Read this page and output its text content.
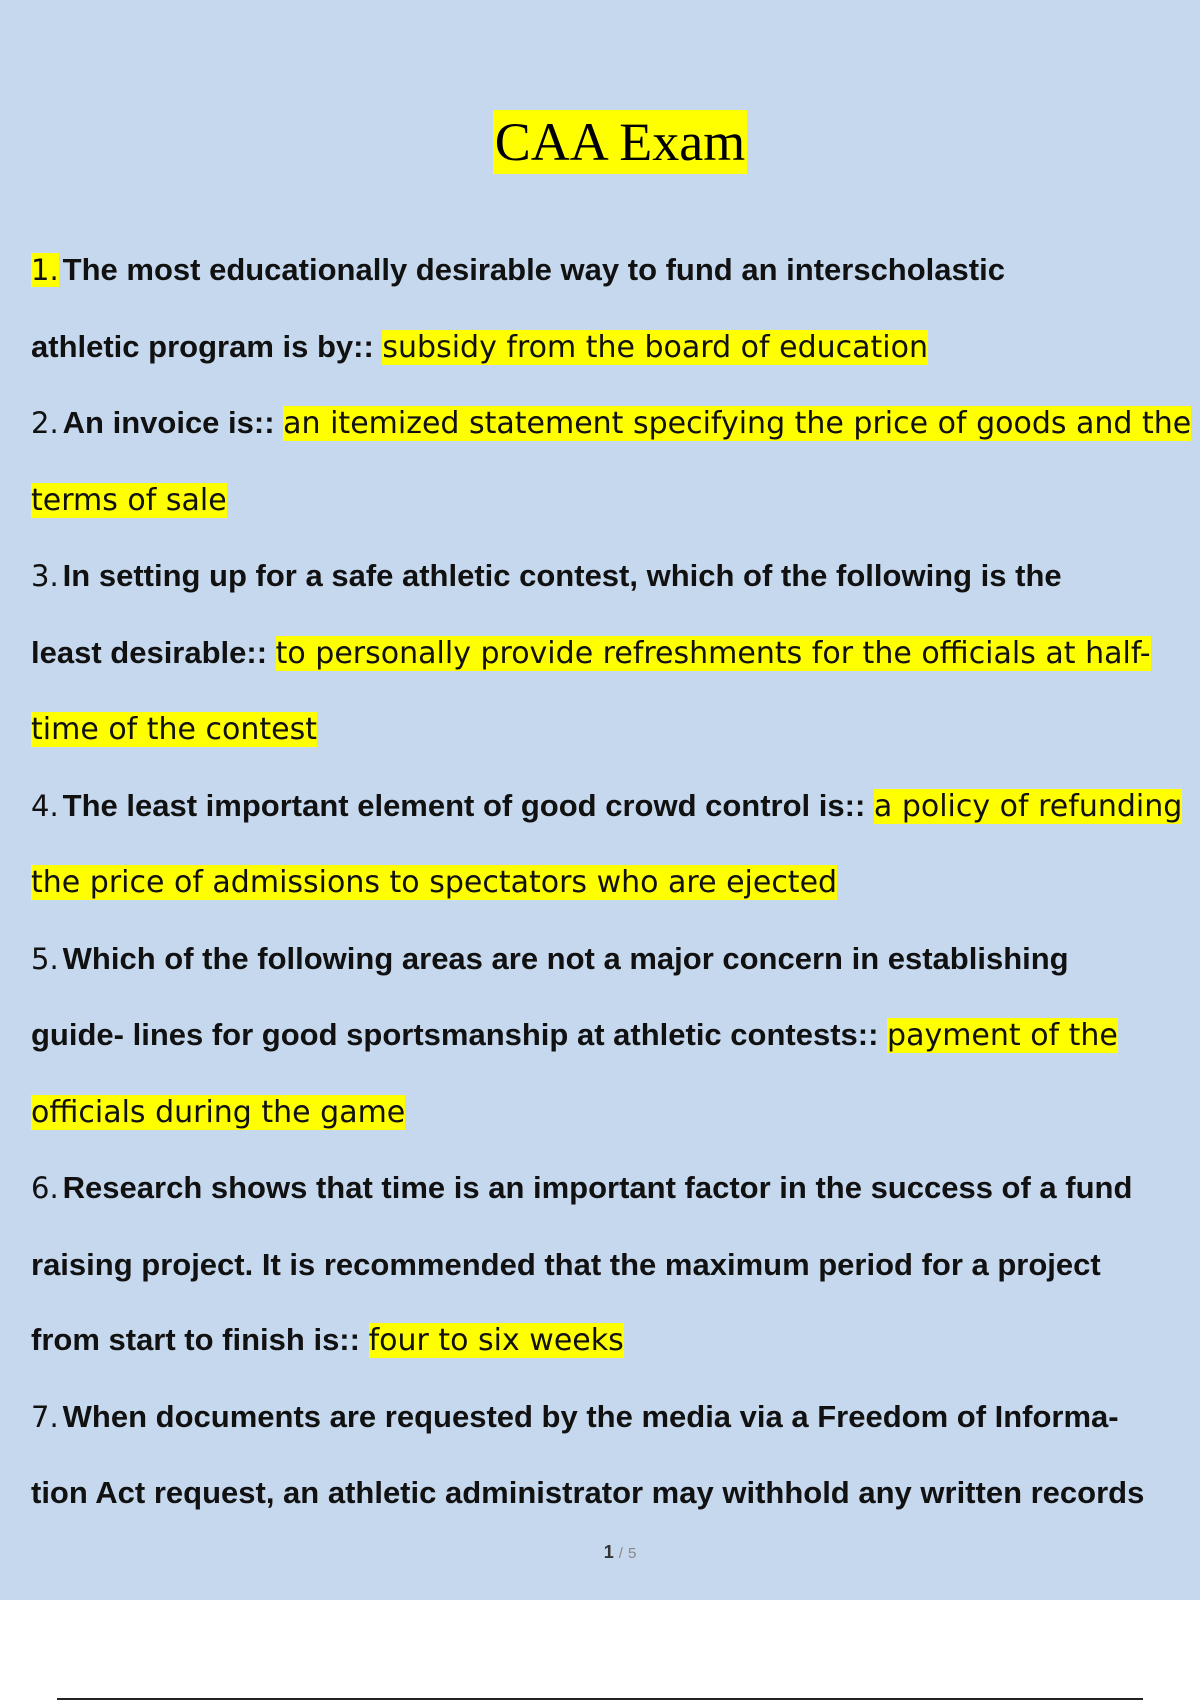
CAA Exam

1. The most educationally desirable way to fund an interscholastic
athletic program is by:: subsidy from the board of education

2. An invoice is:: an itemized statement specifying the price of goods and the terms of sale

3. In setting up for a safe athletic contest, which of the following is the
least desirable:: to personally provide refreshments for the officials at half-time of the contest

4. The least important element of good crowd control is:: a policy of refunding the price of admissions to spectators who are ejected

5. Which of the following areas are not a major concern in establishing
guide- lines for good sportsmanship at athletic contests:: payment of the officials during the game

6. Research shows that time is an important factor in the success of a fund
raising project. It is recommended that the maximum period for a project
from start to finish is:: four to six weeks

7. When documents are requested by the media via a Freedom of Informa-
tion Act request, an athletic administrator may withhold any written records

1 / 5
